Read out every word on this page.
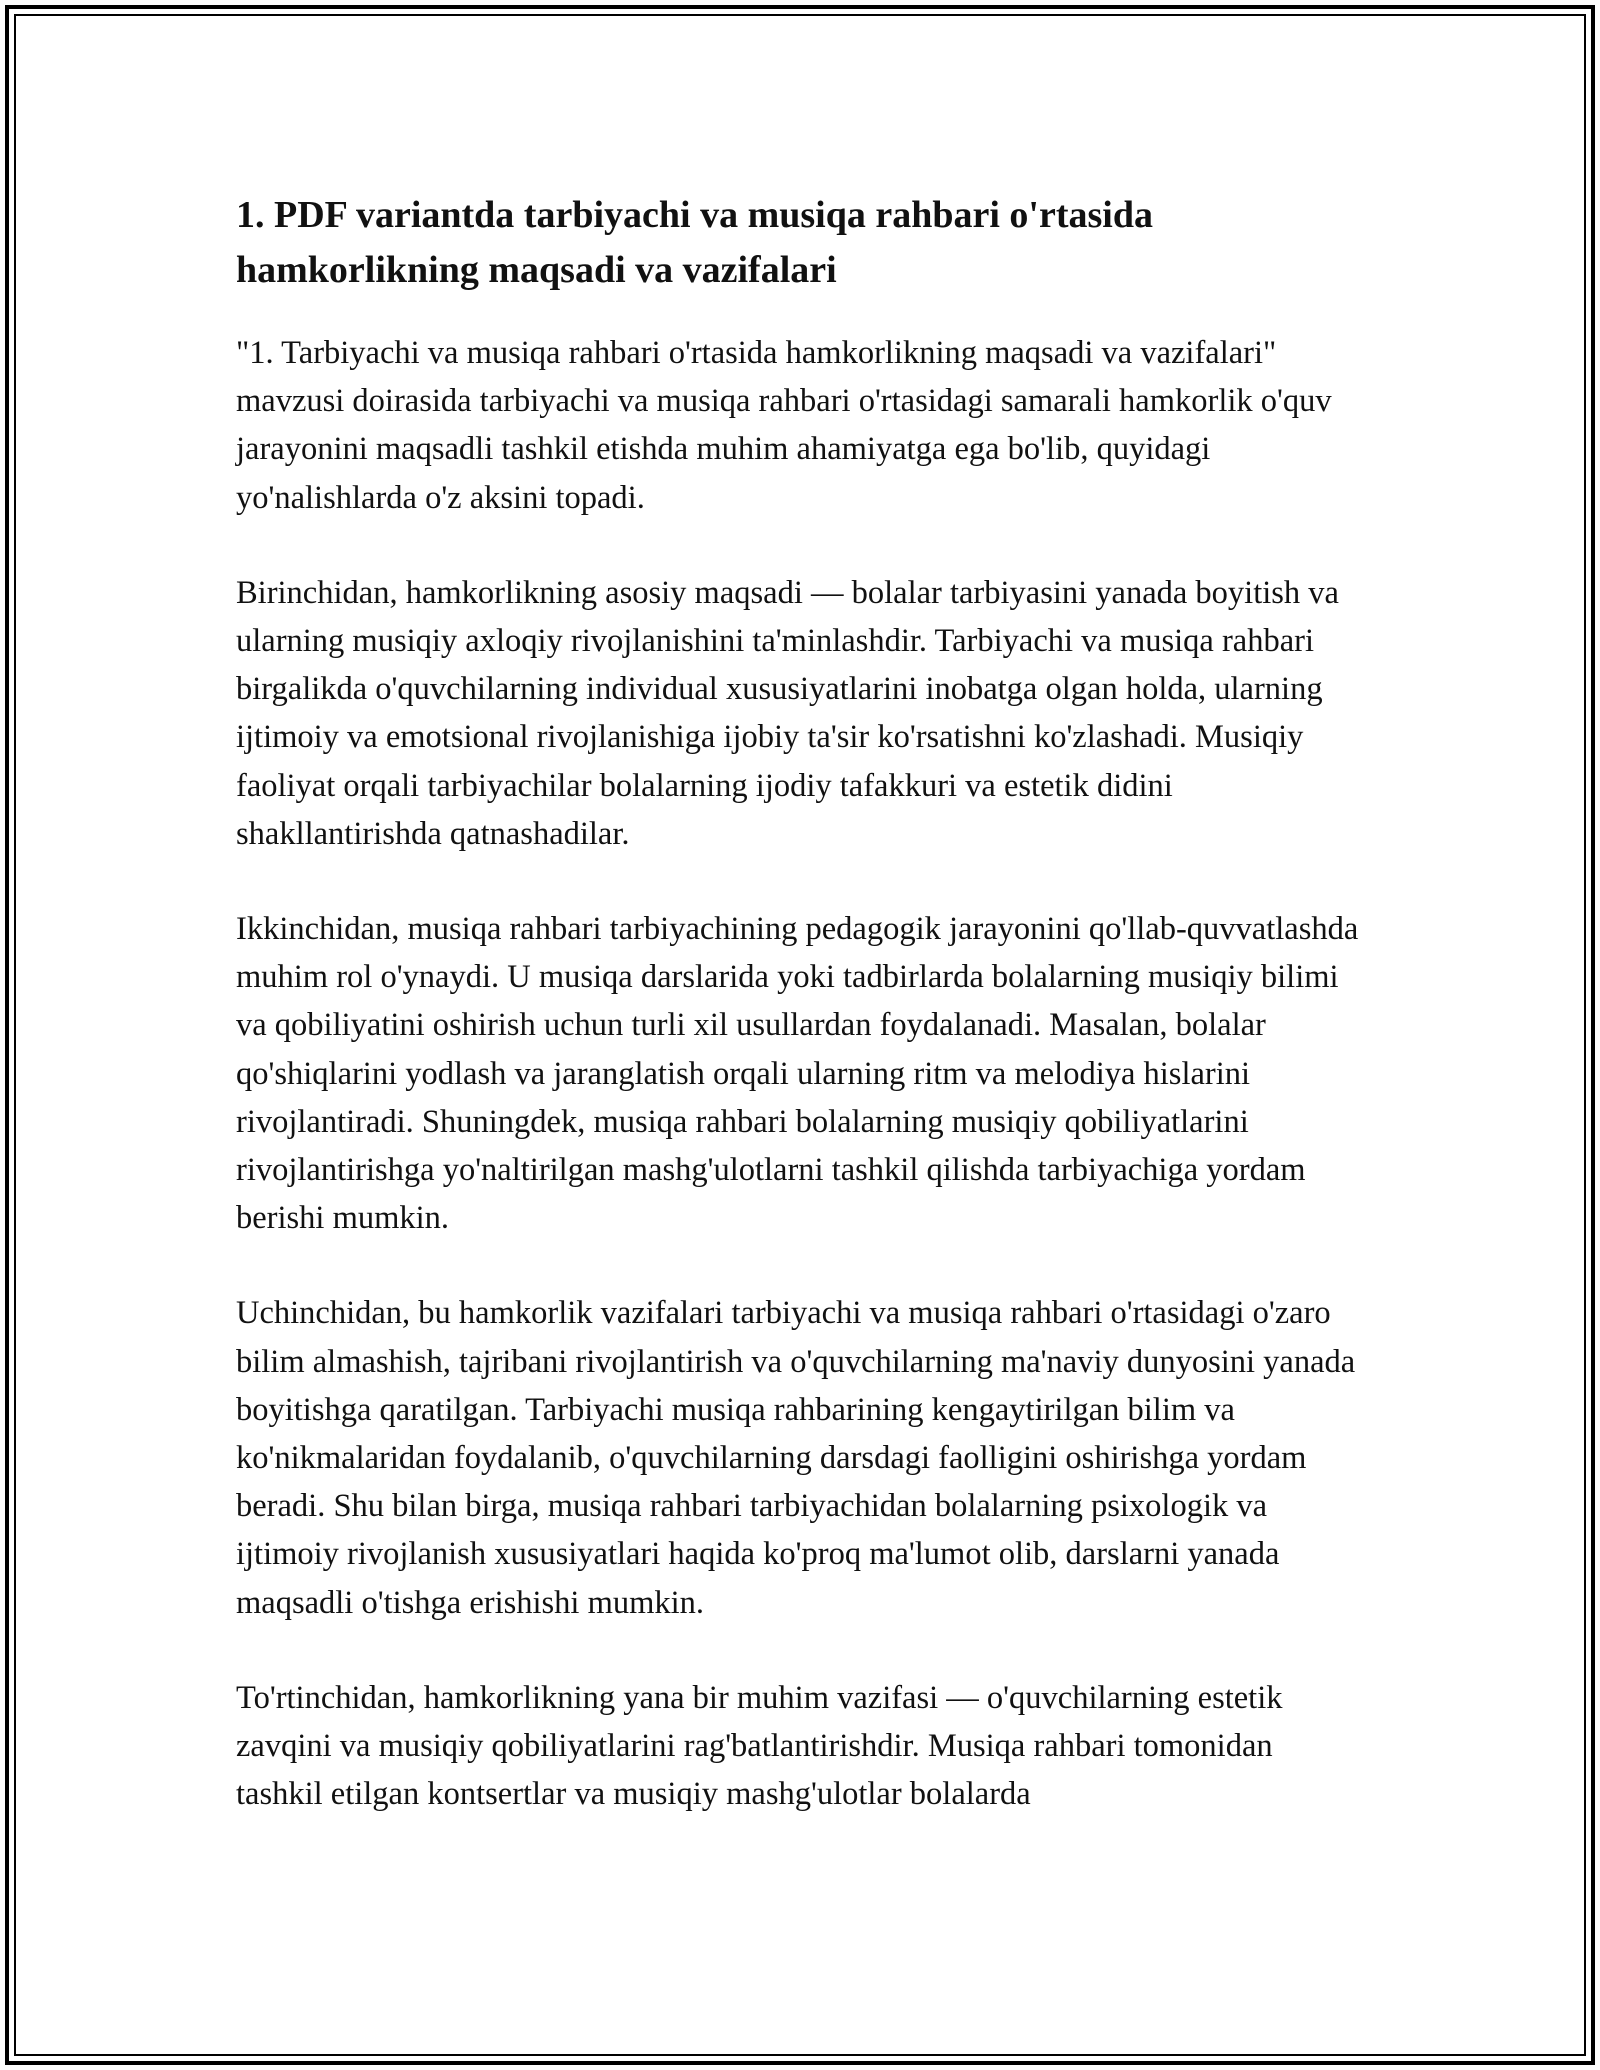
1. PDF variantda tarbiyachi va musiqa rahbari o'rtasida hamkorlikning maqsadi va vazifalari

"1. Tarbiyachi va musiqa rahbari o'rtasida hamkorlikning maqsadi va vazifalari" mavzusi doirasida tarbiyachi va musiqa rahbari o'rtasidagi samarali hamkorlik o'quv jarayonini maqsadli tashkil etishda muhim ahamiyatga ega bo'lib, quyidagi yo'nalishlarda o'z aksini topadi.

Birinchidan, hamkorlikning asosiy maqsadi — bolalar tarbiyasini yanada boyitish va ularning musiqiy axloqiy rivojlanishini ta'minlashdir. Tarbiyachi va musiqa rahbari birgalikda o'quvchilarning individual xususiyatlarini inobatga olgan holda, ularning ijtimoiy va emotsional rivojlanishiga ijobiy ta'sir ko'rsatishni ko'zlashadi. Musiqiy faoliyat orqali tarbiyachilar bolalarning ijodiy tafakkuri va estetik didini shakllantirishda qatnashadilar.

Ikkinchidan, musiqa rahbari tarbiyachining pedagogik jarayonini qo'llab-quvvatlashda muhim rol o'ynaydi. U musiqa darslarida yoki tadbirlarda bolalarning musiqiy bilimi va qobiliyatini oshirish uchun turli xil usullardan foydalanadi. Masalan, bolalar qo'shiqlarini yodlash va jaranglatish orqali ularning ritm va melodiya hislarini rivojlantiradi. Shuningdek, musiqa rahbari bolalarning musiqiy qobiliyatlarini rivojlantirishga yo'naltirilgan mashg'ulotlarni tashkil qilishda tarbiyachiga yordam berishi mumkin.

Uchinchidan, bu hamkorlik vazifalari tarbiyachi va musiqa rahbari o'rtasidagi o'zaro bilim almashish, tajribani rivojlantirish va o'quvchilarning ma'naviy dunyosini yanada boyitishga qaratilgan. Tarbiyachi musiqa rahbarining kengaytirilgan bilim va ko'nikmalaridan foydalanib, o'quvchilarning darsdagi faolligini oshirishga yordam beradi. Shu bilan birga, musiqa rahbari tarbiyachidan bolalarning psixologik va ijtimoiy rivojlanish xususiyatlari haqida ko'proq ma'lumot olib, darslarni yanada maqsadli o'tishga erishishi mumkin.

To'rtinchidan, hamkorlikning yana bir muhim vazifasi — o'quvchilarning estetik zavqini va musiqiy qobiliyatlarini rag'batlantirishdir. Musiqa rahbari tomonidan tashkil etilgan kontsertlar va musiqiy mashg'ulotlar bolalarda
